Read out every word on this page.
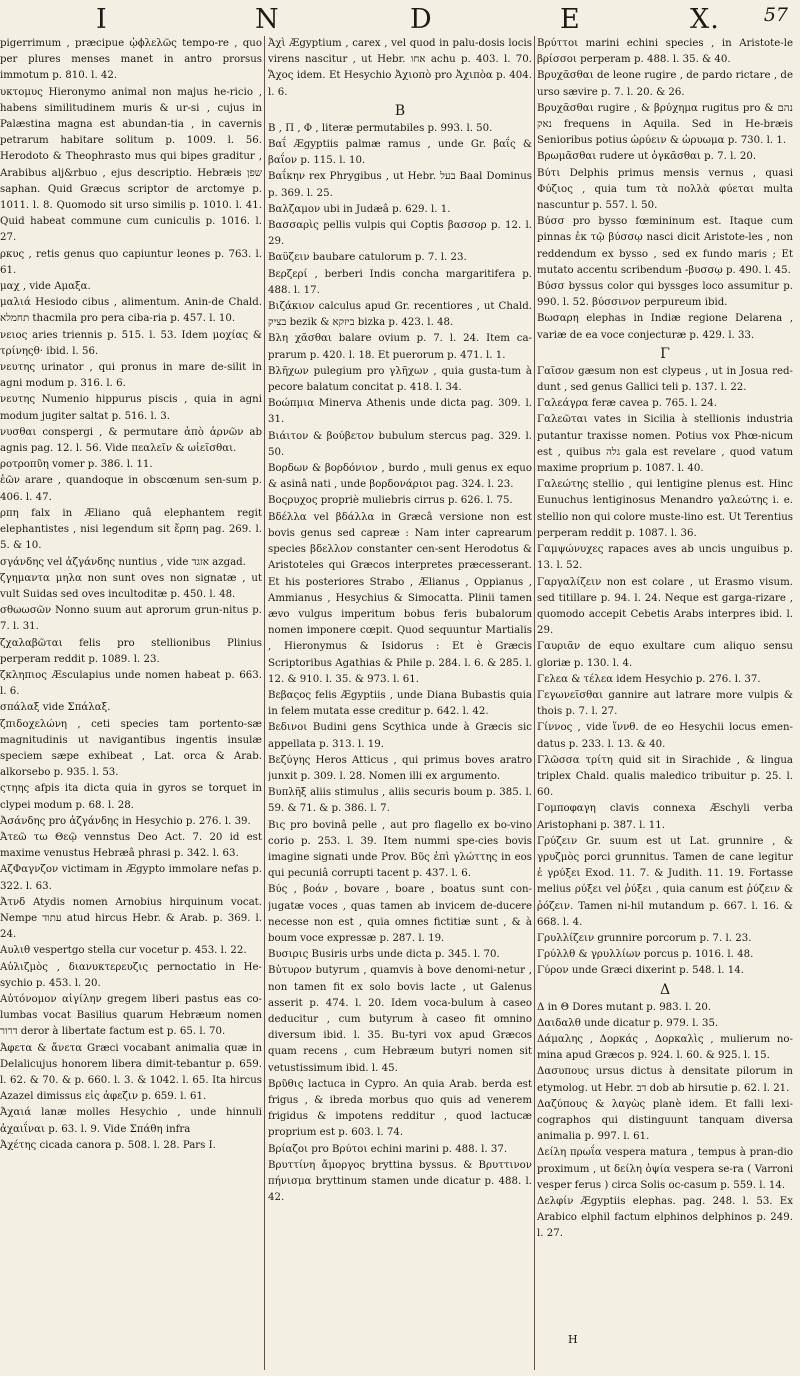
I	N	D	E	X. 57

pigerrimum , præcipue ᾠϕλελῶς tempo-re , quo per plures menses manet in antro prorsus immotum p. 810. l. 42.

υκτομυς Hieronymo animal non majus he-ricio , habens similitudinem muris & ur-si , cujus in Palæstina magna est abundan-tia , in cavernis petrarum habitare solitum p. 1009. l. 56. Herodoto & Theophrasto mus qui bipes graditur , Arabibus alj&rbuo , ejus descriptio. Hebræis שפן saphan. Quid Græcus scriptor de arctomye p. 1011. l. 8. Quomodo sit urso similis p. 1010. l. 41. Quid habeat commune cum cuniculis p. 1016. l. 27.

ρκυς , retis genus quo capiuntur leones p. 763. l. 61.

μαχ , vide Αμαξα.

μαλιά Hesiodo cibus , alimentum. Anin-de Chald. תחמלא thacmila pro pera ciba-ria p. 457. l. 10.

νειος aries triennis p. 515. l. 53. Idem μοχίας & τρίνηςθ· ibid. l. 56.

νευτης urinator , qui pronus in mare de-silit in agni modum p. 316. l. 6.

νευτης Numenio hippurus piscis , quia in agni modum jugiter saltat p. 516. l. 3.

νυσθαι conspergi , & permutare ἀπὸ ἀρνῶν ab agnis pag. 12. l. 56. Vide πεαλεῖν & ωἰεῖσθαι.

ροτροπῦη vomer p. 386. l. 11.

ἐῶν arare , quandoque in obscœnum sen-sum p. 406. l. 47.

ρπη falx in Æliano quâ elephantem regit elephantistes , nisi legendum sit ἔρπη pag. 269. l. 5. & 10.

σγάνδης vel ἀζγάνδης nuntius , vide אזגד azgad.

ζγημαντα μηλα non sunt oves non signatæ , ut vult Suidas sed oves incultoditæ p. 450. l. 48.

σθωωσῶν Nonno suum aut aprorum grun-nitus p. 7. l. 31.

ζχαλαβῶται felis pro stellionibus Plinius perperam reddit p. 1089. l. 23.

ζκληπιος Æsculapius unde nomen habeat p. 663. l. 6.

σπάλαξ vide Σπάλαξ.

ζπιδοχελώνη , ceti species tam portento-sæ magnitudinis ut navigantibus ingentis insulæ speciem sæpe exhibeat , Lat. orca & Arab. alkorsebo p. 935. l. 53.

ςτηης afpis ita dicta quia in gyros se torquet in clypei modum p. 68. l. 28.

Ἀσάνδης pro ἀζγάνδης in Hesychio p. 276. l. 39.

Ἀτεῶ τω Θεῷ vennstus Deo Act. 7. 20 id est maxime venustus Hebræâ phrasi p. 342. l. 63.

ΑζΦαγνζον victimam in Ægypto immolare nefas p. 322. l. 63.

Ἀτνδ Atydis nomen Arnobius hirquinum vocat. Nempe עתוד atud hircus Hebr. & Arab. p. 369. l. 24.

Αυλιθ vespertgo stella cur vocetur p. 453. l. 22.

Αὐλιζμὸς , διανυκτερευζις pernoctatio in He-sychio p. 453. l. 20.

Αὐτόνομον αἰγίλην gregem liberi pastus eas co-lumbas vocat Basilius quarum Hebræum nomen דרור deror à libertate factum est p. 65. l. 70.

Ἀφετα & ἄνετα Græci vocabant animalia quæ in Delalicujus honorem libera dimit-tebantur p. 659. l. 62. & 70. & p. 660. l. 3. & 1042. l. 65. Ita hircus Azazel dimissus εἰς ἀφεζιν p. 659. l. 61.

Ἀχαιά lanæ molles Hesychio , unde hinnuli ἀχαιΐναι p. 63. l. 9. Vide Σπάθη infra

Ἀχέτης cicada canora p. 508. l. 28. Pars I.

Ἀχὶ Ægyptium , carex , vel quod in palu-dosis locis virens nascitur , ut Hebr. אחו achu p. 403. l. 70. Ἄχος idem. Et Hesychio Ἀχιοπὸ pro Ἀχιπὸα p. 404. l. 6.

B

B , Π , Φ , literæ permutabiles p. 993. l. 50.

Βαΐ Ægyptiis palmæ ramus , unde Gr. βαΐς & βαΐον p. 115. l. 10.

Βαΐκην rex Phrygibus , ut Hebr. בעל Baal Dominus p. 369. l. 25.

Βαλζαμον ubi in Judæâ p. 629. l. 1.

Βασσαρὶς pellis vulpis qui Coptis βασσορ p. 12. l. 29.

Βαϋζειν baubare catulorum p. 7. l. 23.

Βερζερί , berberi Indis concha margaritifera p. 488. l. 17.

Βιζάκιον calculus apud Gr. recentiores , ut Chald. בציק bezik & ביזקא bizka p. 423. l. 48.

Βλη χᾶσθαι balare ovium p. 7. l. 24. Item ca-prarum p. 420. l. 18. Et puerorum p. 471. l. 1.

Βλῆχων pulegium pro γλῆχων , quia gusta-tum à pecore balatum concitat p. 418. l. 34.

Βοώπμια Minerva Athenis unde dicta pag. 309. l. 31.

Βιάιτον & βούβετον bubulum stercus pag. 329. l. 50.

Βορδων & βορδόνιον , burdo , muli genus ex equo & asinâ nati , unde βορδονάριοι pag. 324. l. 23.

Βοςρυχος propriè muliebris cirrus p. 626. l. 75.

Βδέλλα vel βδάλλα in Græcâ versione non est bovis genus sed capreæ : Nam inter caprearum species βδελλον constanter cen-sent Herodotus & Aristoteles qui Græcos interpretes præcesserant. Et his posteriores Strabo , Ælianus , Oppianus , Ammianus , Hesychius & Simocatta. Plinii tamen ævo vulgus imperitum bobus feris bubalorum nomen imponere cœpit. Quod sequuntur Martialis , Hieronymus & Isidorus : Et è Græcis Scriptoribus Agathias & Phile p. 284. l. 6. & 285. l. 12. & 910. l. 35. & 973. l. 61.

Βεβαςος felis Ægyptiis , unde Diana Bubastis quia in felem mutata esse creditur p. 642. l. 42.

Βεδινοι Budini gens Scythica unde à Græcis sic appellata p. 313. l. 19.

Βεζύγης Heros Atticus , qui primus boves aratro junxit p. 309. l. 28. Nomen illi ex argumento.

Βυπλῆξ aliis stimulus , aliis securis boum p. 385. l. 59. & 71. & p. 386. l. 7.

Βις pro bovinâ pelle , aut pro flagello ex bo-vino corio p. 253. l. 39. Item nummi spe-cies bovis imagine signati unde Prov. Βῦς ἐπὶ γλώττης in eos qui pecuniâ corrupti tacent p. 437. l. 6.

Βύς , βοάν , bovare , boare , boatus sunt con-jugatæ voces , quas tamen ab invicem de-ducere necesse non est , quia omnes fictitiæ sunt , & à boum voce expressæ p. 287. l. 19.

Βυσιρις Busiris urbs unde dicta p. 345. l. 70.

Βὐτυρον butyrum , quamvis à bove denomi-netur , non tamen fit ex solo bovis lacte , ut Galenus asserit p. 474. l. 20. Idem voca-bulum à caseo deducitur , cum butyrum à caseo fit omnino diversum ibid. l. 35. Bu-tyri vox apud Græcos quam recens , cum Hebræum butyri nomen sit vetustissimum ibid. l. 45.

Βρῦθις lactuca in Cypro. An quia Arab. berda est frigus , & ibreda morbus quo quis ad venerem frigidus & impotens redditur , quod lactucæ proprium est p. 603. l. 74.

Βρίαζοι pro Βρύτοι echini marini p. 488. l. 37.

Βρυττίνη ἄμοργος bryttina byssus. & Βρυττινον πήνισμα bryttinum stamen unde dicatur p. 488. l. 42.

Βρύττοι marini echini species , in Aristote-le βρίσσοι perperam p. 488. l. 35. & 40.

Βρυχᾶσθαι de leone rugire , de pardo rictare , de urso sævire p. 7. l. 20. & 26.

Βρυχᾶσθαι rugire , & βρύχημα rugitus pro נהם & נאק frequens in Aquila. Sed in He-bræis Senioribus potius ὠρύειν & ὠρυωμα p. 730. l. 1.

Βρωμᾶσθαι rudere ut ὀγκᾶσθαι p. 7. l. 20.

Βύτι Delphis primus mensis vernus , quasi Φύζιος , quia tum τὰ πολλὰ φύεται multa nascuntur p. 557. l. 50.

Βύσσ pro bysso fœmininum est. Itaque cum pinnas ἐκ τῷ βύσσῳ nasci dicit Aristote-les , non reddendum ex bysso , sed ex fundo maris ; Et mutato accentu scribendum -βυσσῳ p. 490. l. 45.

Βύσσ byssus color qui byssges loco assumitur p. 990. l. 52. βύσσινον perpureum ibid.

Βωσαρη elephas in Indiæ regione Delarena , variæ de ea voce conjecturæ p. 429. l. 33.

Γ

Γαῖσον gæsum non est clypeus , ut in Josua red-dunt , sed genus Gallici teli p. 137. l. 22.

Γαλεάγρα feræ cavea p. 765. l. 24.

Γαλεῶται vates in Sicilia à stellionis industria putantur traxisse nomen. Potius vox Phœ-nicum est , quibus גלה gala est revelare , quod vatum maxime proprium p. 1087. l. 40.

Γαλεώτης stellio , qui lentigine plenus est. Hinc Eunuchus lentiginosus Menandro γαλεώτης i. e. stellio non qui colore muste-lino est. Ut Terentius perperam reddit p. 1087. l. 36.

Γαμψώνυχες rapaces aves ab uncis unguibus p. 13. l. 52.

Γαργαλίζειν non est colare , ut Erasmo visum. sed titillare p. 94. l. 24. Neque est garga-rizare , quomodo accepit Cebetis Arabs interpres ibid. l. 29.

Γαυριᾶν de equo exultare cum aliquo sensu gloriæ p. 130. l. 4.

Γελεα & τέλεα idem Hesychio p. 276. l. 37.

Γεγωνεῖσθαι gannire aut latrare more vulpis & thois p. 7. l. 27.

Γίννος , vide ἵννθ. de eo Hesychii locus emen-datus p. 233. l. 13. & 40.

Γλῶσσα τρίτη quid sit in Sirachide , & lingua triplex Chald. qualis maledico tribuitur p. 25. l. 60.

Γομποφαγη clavis connexa Æschyli verba Aristophani p. 387. l. 11.

Γρύζειν Gr. suum est ut Lat. grunnire , & γρυζμὸς porci grunnitus. Tamen de cane legitur ἐ γρύξει Exod. 11. 7. & Judith. 11. 19. Fortasse melius ρύξει vel ῥύξει , quia canum est ῥύζειν & ῥόζειν. Tamen ni-hil mutandum p. 667. l. 16. & 668. l. 4.

Γρυλλίζειν grunnire porcorum p. 7. l. 23.

Γρύλλθ & γρυλλίων porcus p. 1016. l. 48.

Γύρον unde Græci dixerint p. 548. l. 14.

Δ

Δ in Θ Dores mutant p. 983. l. 20.

Δαιδαλθ unde dicatur p. 979. l. 35.

Δάμαλης , Δορκάς , Δορκαλὶς , mulierum no-mina apud Græcos p. 924. l. 60. & 925. l. 15.

Δασυπους ursus dictus à densitate pilorum in etymolog. ut Hebr. דב dob ab hirsutie p. 62. l. 21.

Δαζύπους & λαγὼς planè idem. Et falli lexi-cographos qui distinguunt tanquam diversa animalia p. 997. l. 61.

Δείλη πρωΐα vespera matura , tempus à pran-dio proximum , ut δείλη ὀψία vespera se-ra ( Varroni vesper ferus ) circa Solis oc-casum p. 559. l. 14.

Δελφίν Ægyptiis elephas. pag. 248. l. 53. Ex Arabico elphil factum elphinos delphinos p. 249. l. 27.

H
